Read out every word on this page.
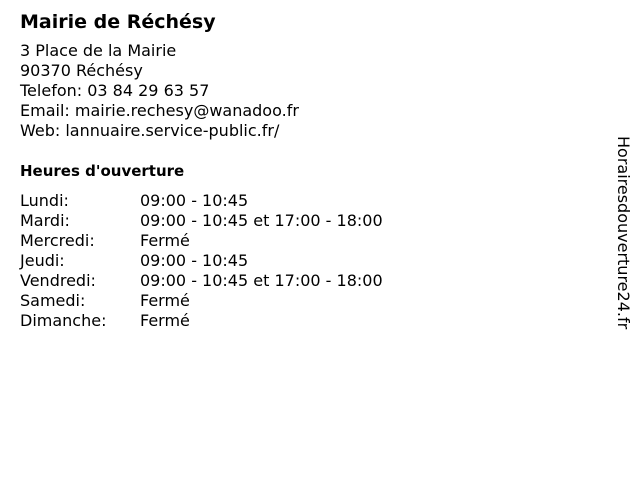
Mairie de Réchésy
3 Place de la Mairie
90370 Réchésy
Telefon: 03 84 29 63 57
Email: mairie.rechesy@wanadoo.fr
Web: lannuaire.service-public.fr/
Heures d'ouverture
Lundi:	09:00 - 10:45
Mardi:	09:00 - 10:45 et 17:00 - 18:00
Mercredi:	Fermé
Jeudi:	09:00 - 10:45
Vendredi:	09:00 - 10:45 et 17:00 - 18:00
Samedi:	Fermé
Dimanche:	Fermé	Horairesdouverture24.fr
